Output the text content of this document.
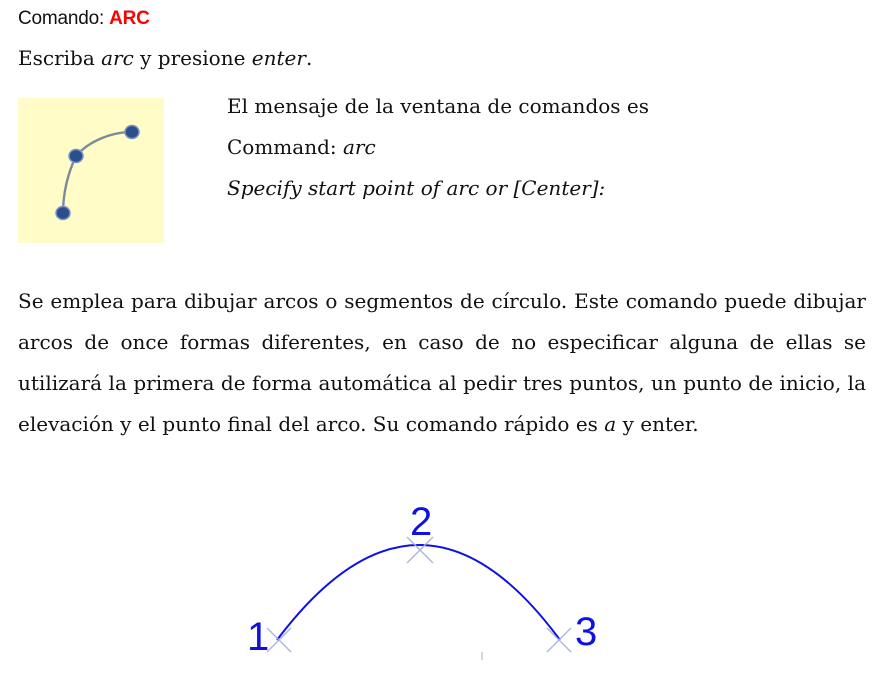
Comando: ARC
Escriba arc y presione enter.
El mensaje de la ventana de comandos es
Command: arc
Specify start point of arc or [Center]:
Se emplea para dibujar arcos o segmentos de círculo. Este comando puede dibujar arcos de once formas diferentes, en caso de no especificar alguna de ellas se utilizará la primera de forma automática al pedir tres puntos, un punto de inicio, la elevación y el punto final del arco. Su comando rápido es a y enter.
1
2
3
